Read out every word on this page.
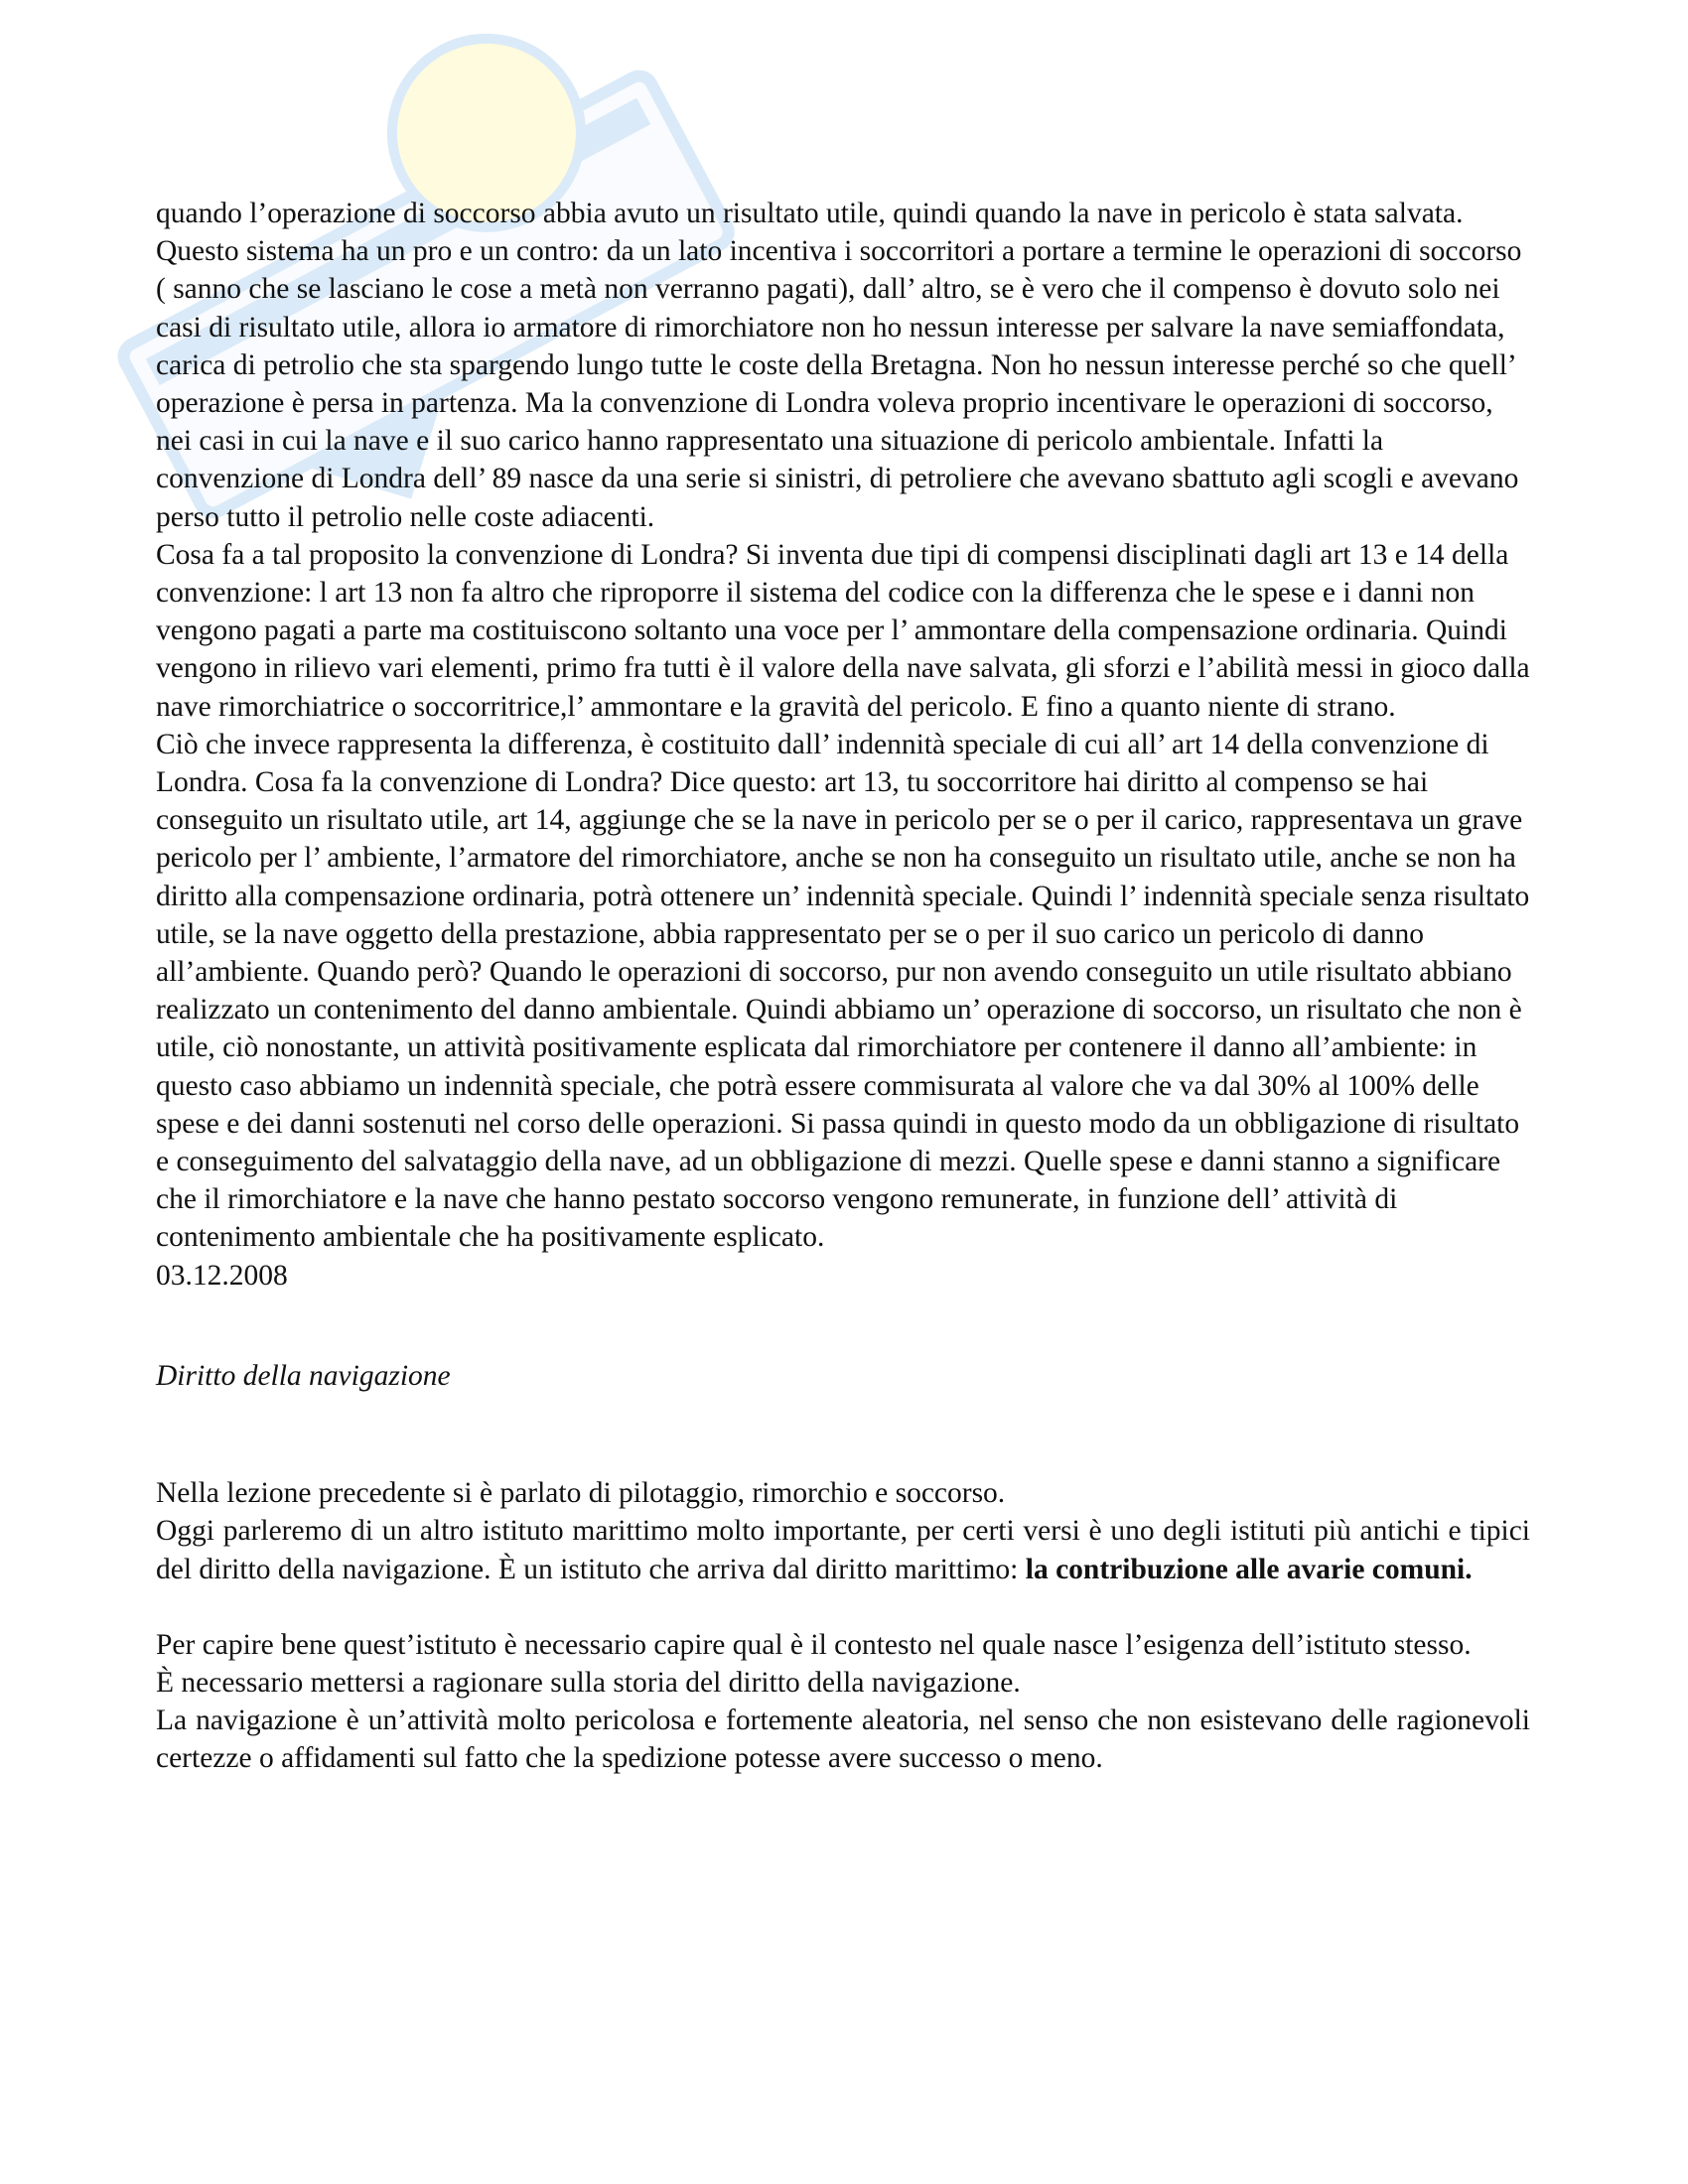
quando l’operazione di soccorso abbia avuto un risultato utile, quindi quando la nave in pericolo è stata salvata. Questo sistema ha un pro e un contro: da un lato incentiva i soccorritori a portare a termine le operazioni di soccorso ( sanno che se lasciano le cose a metà non verranno pagati), dall’ altro, se è vero che il compenso è dovuto solo nei casi di risultato utile, allora io armatore di rimorchiatore non ho nessun interesse per salvare la nave semiaffondata, carica di petrolio che sta spargendo lungo tutte le coste della Bretagna. Non ho nessun interesse perché so che quell’ operazione è persa in partenza. Ma la convenzione di Londra voleva proprio incentivare le operazioni di soccorso, nei casi in cui la nave e il suo carico hanno rappresentato una situazione di pericolo ambientale. Infatti la convenzione di Londra dell’ 89 nasce da una serie si sinistri, di petroliere che avevano sbattuto agli scogli e avevano perso tutto il petrolio nelle coste adiacenti.

Cosa fa a tal proposito la convenzione di Londra? Si inventa due tipi di compensi disciplinati dagli art 13 e 14 della convenzione: l art 13 non fa altro che riproporre il sistema del codice con la differenza che le spese e i danni non vengono pagati a parte ma costituiscono soltanto una voce per l’ ammontare della compensazione ordinaria. Quindi vengono in rilievo vari elementi, primo fra tutti è il valore della nave salvata, gli sforzi e l’abilità messi in gioco dalla nave rimorchiatrice o soccorritrice,l’ ammontare e la gravità del pericolo. E fino a quanto niente di strano.

Ciò che invece rappresenta la differenza, è costituito dall’ indennità speciale di cui all’ art 14 della convenzione di Londra. Cosa fa la convenzione di Londra? Dice questo: art 13, tu soccorritore hai diritto al compenso se hai conseguito un risultato utile, art 14, aggiunge che se la nave in pericolo per se o per il carico, rappresentava un grave pericolo per l’ ambiente, l’armatore del rimorchiatore, anche se non ha conseguito un risultato utile, anche se non ha diritto alla compensazione ordinaria, potrà ottenere un’ indennità speciale. Quindi l’ indennità speciale senza risultato utile, se la nave oggetto della prestazione, abbia rappresentato per se o per il suo carico un pericolo di danno all’ambiente. Quando però? Quando le operazioni di soccorso, pur non avendo conseguito un utile risultato abbiano realizzato un contenimento del danno ambientale. Quindi abbiamo un’ operazione di soccorso, un risultato che non è utile, ciò nonostante, un attività positivamente esplicata dal rimorchiatore per contenere il danno all’ambiente: in questo caso abbiamo un indennità speciale, che potrà essere commisurata al valore che va dal 30% al 100% delle spese e dei danni sostenuti nel corso delle operazioni. Si passa quindi in questo modo da un obbligazione di risultato e conseguimento del salvataggio della nave, ad un obbligazione di mezzi. Quelle spese e danni stanno a significare che il rimorchiatore e la nave che hanno pestato soccorso vengono remunerate, in funzione dell’ attività di contenimento ambientale che ha positivamente esplicato.

03.12.2008

Diritto della navigazione

Nella lezione precedente si è parlato di pilotaggio, rimorchio e soccorso.

Oggi parleremo di un altro istituto marittimo molto importante, per certi versi è uno degli istituti più antichi e tipici del diritto della navigazione. È un istituto che arriva dal diritto marittimo: la contribuzione alle avarie comuni.

Per capire bene quest’istituto è necessario capire qual è il contesto nel quale nasce l’esigenza dell’istituto stesso.

È necessario mettersi a ragionare sulla storia del diritto della navigazione.

La navigazione è un’attività molto pericolosa e fortemente aleatoria, nel senso che non esistevano delle ragionevoli certezze o affidamenti sul fatto che la spedizione potesse avere successo o meno.
